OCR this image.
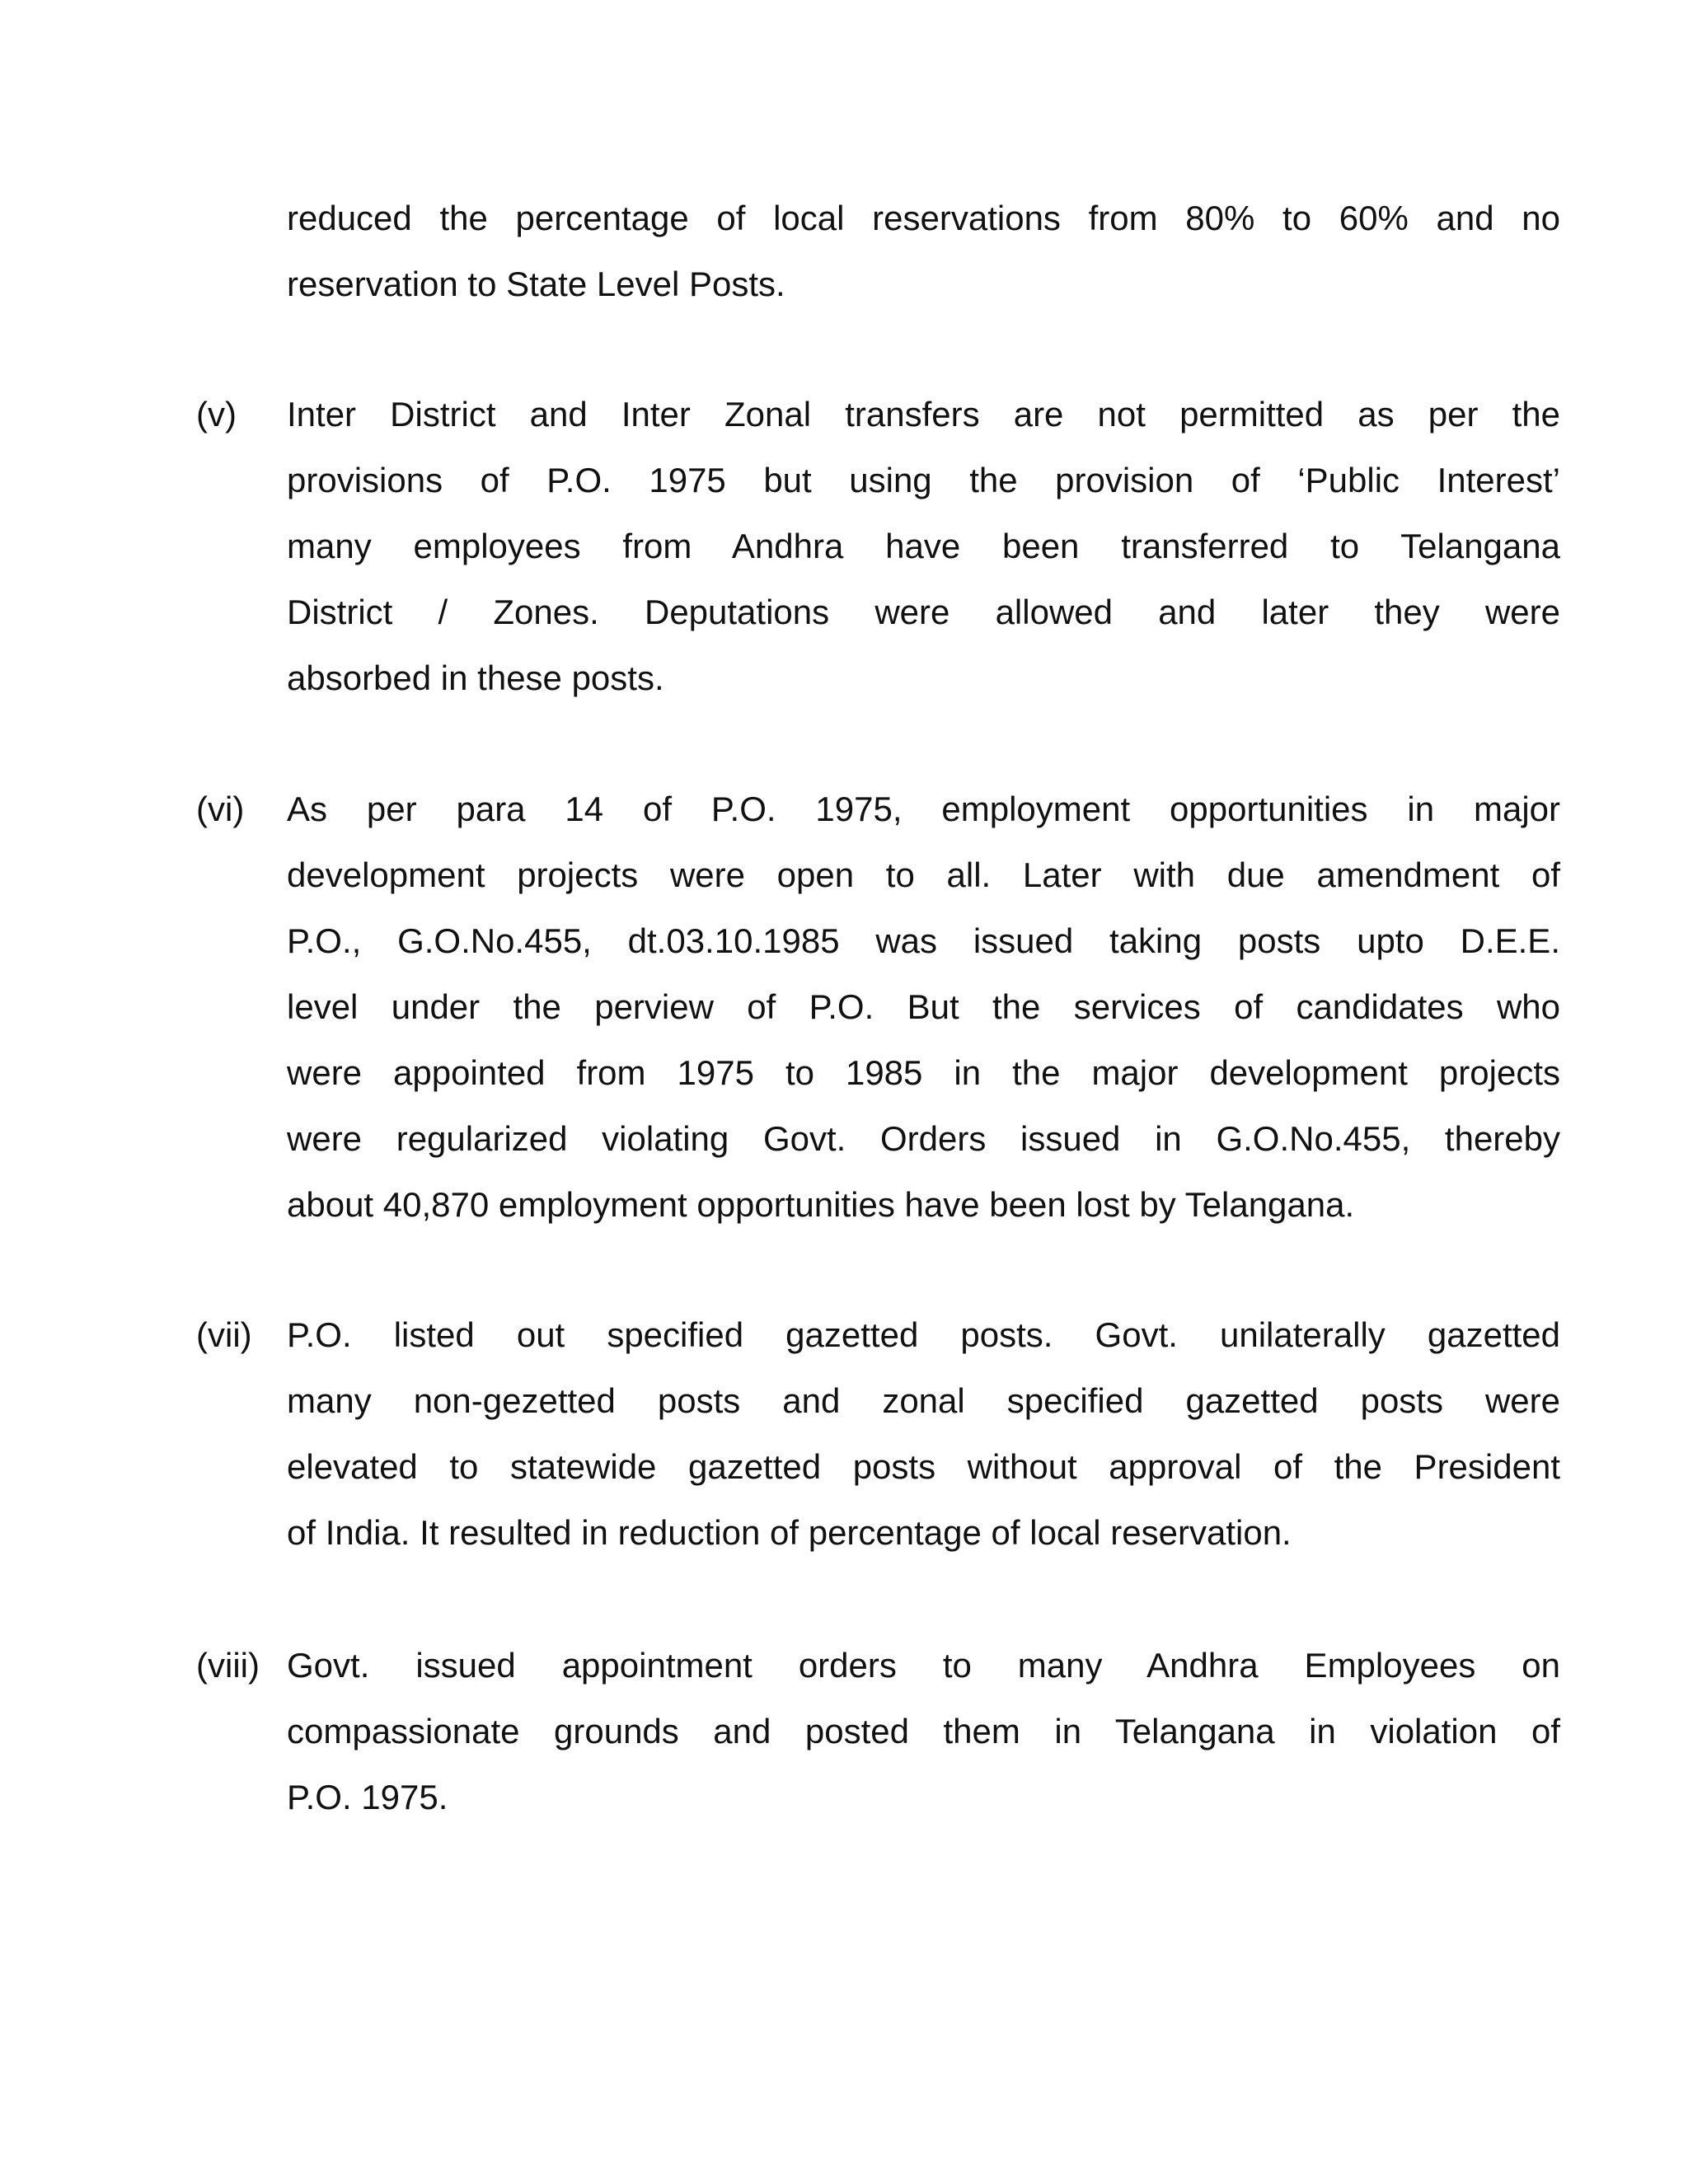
reduced the percentage of local reservations from 80% to 60% and no
reservation to State Level Posts.
(v) Inter District and Inter Zonal transfers are not permitted as per the
provisions of P.O. 1975 but using the provision of ‘Public Interest’
many employees from Andhra have been transferred to Telangana
District / Zones. Deputations were allowed and later they were
absorbed in these posts.
(vi) As per para 14 of P.O. 1975, employment opportunities in major
development projects were open to all. Later with due amendment of
P.O., G.O.No.455, dt.03.10.1985 was issued taking posts upto D.E.E.
level under the perview of P.O. But the services of candidates who
were appointed from 1975 to 1985 in the major development projects
were regularized violating Govt. Orders issued in G.O.No.455, thereby
about 40,870 employment opportunities have been lost by Telangana.
(vii) P.O. listed out specified gazetted posts. Govt. unilaterally gazetted
many non-gezetted posts and zonal specified gazetted posts were
elevated to statewide gazetted posts without approval of the President
of India. It resulted in reduction of percentage of local reservation.
(viii) Govt. issued appointment orders to many Andhra Employees on
compassionate grounds and posted them in Telangana in violation of
P.O. 1975.
